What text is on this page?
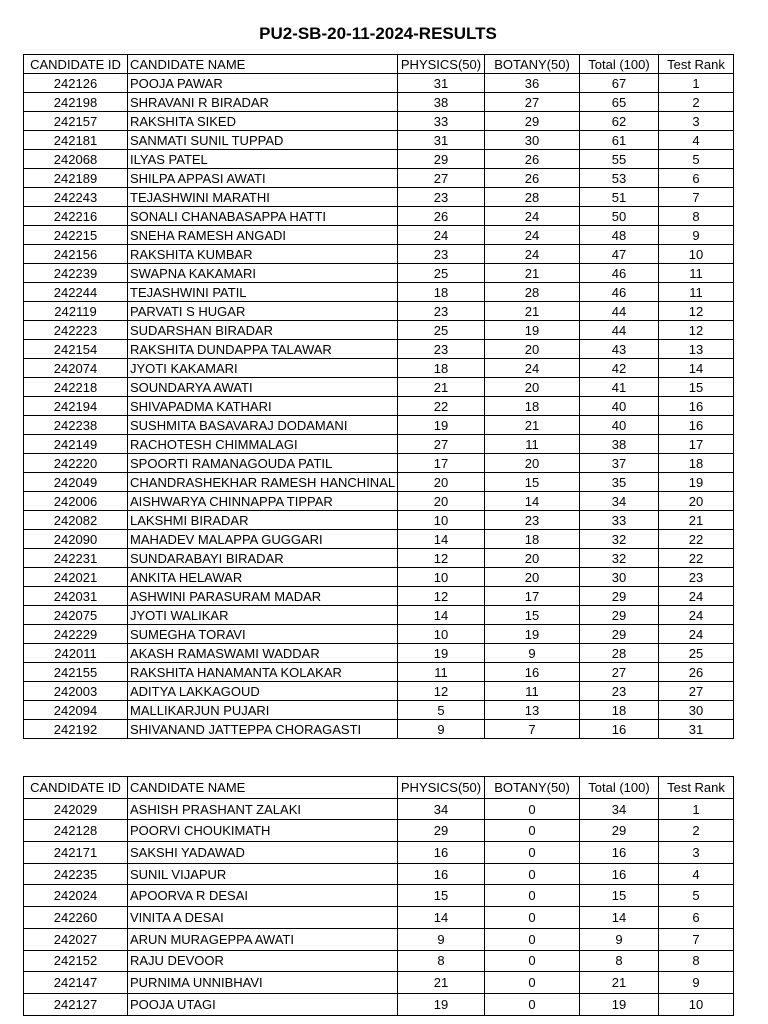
PU2-SB-20-11-2024-RESULTS
CANDIDATE ID	CANDIDATE NAME	PHYSICS(50)	BOTANY(50)	Total (100)	Test Rank
242126	POOJA PAWAR	31	36	67	1
242198	SHRAVANI R BIRADAR	38	27	65	2
242157	RAKSHITA SIKED	33	29	62	3
242181	SANMATI SUNIL TUPPAD	31	30	61	4
242068	ILYAS PATEL	29	26	55	5
242189	SHILPA APPASI AWATI	27	26	53	6
242243	TEJASHWINI MARATHI	23	28	51	7
242216	SONALI CHANABASAPPA HATTI	26	24	50	8
242215	SNEHA RAMESH ANGADI	24	24	48	9
242156	RAKSHITA KUMBAR	23	24	47	10
242239	SWAPNA KAKAMARI	25	21	46	11
242244	TEJASHWINI PATIL	18	28	46	11
242119	PARVATI S HUGAR	23	21	44	12
242223	SUDARSHAN BIRADAR	25	19	44	12
242154	RAKSHITA DUNDAPPA TALAWAR	23	20	43	13
242074	JYOTI KAKAMARI	18	24	42	14
242218	SOUNDARYA AWATI	21	20	41	15
242194	SHIVAPADMA KATHARI	22	18	40	16
242238	SUSHMITA BASAVARAJ DODAMANI	19	21	40	16
242149	RACHOTESH CHIMMALAGI	27	11	38	17
242220	SPOORTI RAMANAGOUDA PATIL	17	20	37	18
242049	CHANDRASHEKHAR RAMESH HANCHINAL	20	15	35	19
242006	AISHWARYA CHINNAPPA TIPPAR	20	14	34	20
242082	LAKSHMI BIRADAR	10	23	33	21
242090	MAHADEV MALAPPA GUGGARI	14	18	32	22
242231	SUNDARABAYI BIRADAR	12	20	32	22
242021	ANKITA HELAWAR	10	20	30	23
242031	ASHWINI PARASURAM MADAR	12	17	29	24
242075	JYOTI WALIKAR	14	15	29	24
242229	SUMEGHA TORAVI	10	19	29	24
242011	AKASH RAMASWAMI WADDAR	19	9	28	25
242155	RAKSHITA HANAMANTA KOLAKAR	11	16	27	26
242003	ADITYA LAKKAGOUD	12	11	23	27
242094	MALLIKARJUN PUJARI	5	13	18	30
242192	SHIVANAND JATTEPPA CHORAGASTI	9	7	16	31
CANDIDATE ID	CANDIDATE NAME	PHYSICS(50)	BOTANY(50)	Total (100)	Test Rank
242029	ASHISH PRASHANT ZALAKI	34	0	34	1
242128	POORVI CHOUKIMATH	29	0	29	2
242171	SAKSHI YADAWAD	16	0	16	3
242235	SUNIL VIJAPUR	16	0	16	4
242024	APOORVA R DESAI	15	0	15	5
242260	VINITA A DESAI	14	0	14	6
242027	ARUN MURAGEPPA AWATI	9	0	9	7
242152	RAJU DEVOOR	8	0	8	8
242147	PURNIMA UNNIBHAVI	21	0	21	9
242127	POOJA UTAGI	19	0	19	10
